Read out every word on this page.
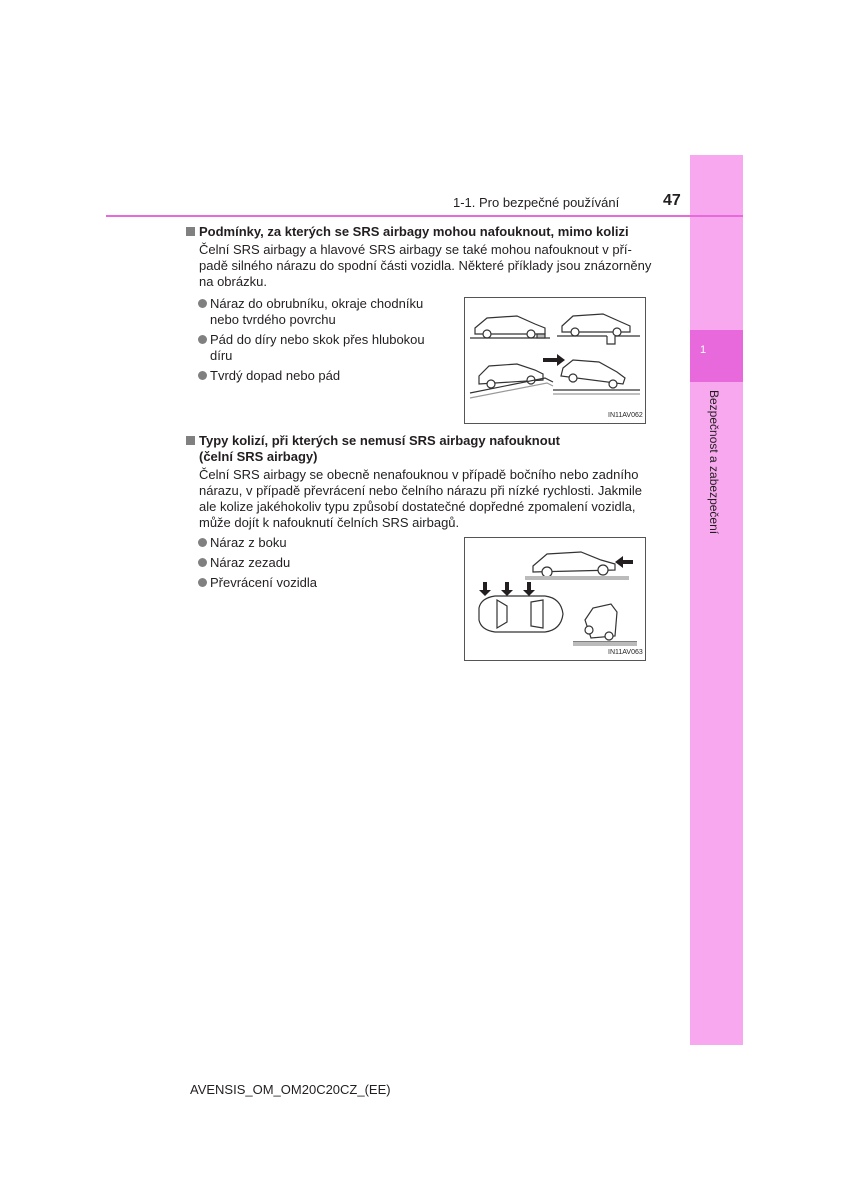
1
Bezpečnost a zabezpečení
1-1. Pro bezpečné používání	47
Podmínky, za kterých se SRS airbagy mohou nafouknout, mimo kolizi
Čelní SRS airbagy a hlavové SRS airbagy se také mohou nafouknout v pří-
padě silného nárazu do spodní části vozidla. Některé příklady jsou znázorněny
na obrázku.
Náraz do obrubníku, okraje chodníku
nebo tvrdého povrchu
Pád do díry nebo skok přes hlubokou
díru
Tvrdý dopad nebo pád
IN11AV062
Typy kolizí, při kterých se nemusí SRS airbagy nafouknout
(čelní SRS airbagy)
Čelní SRS airbagy se obecně nenafouknou v případě bočního nebo zadního
nárazu, v případě převrácení nebo čelního nárazu při nízké rychlosti. Jakmile
ale kolize jakéhokoliv typu způsobí dostatečné dopředné zpomalení vozidla,
může dojít k nafouknutí čelních SRS airbagů.
Náraz z boku
Náraz zezadu
Převrácení vozidla
IN11AV063
AVENSIS_OM_OM20C20CZ_(EE)
